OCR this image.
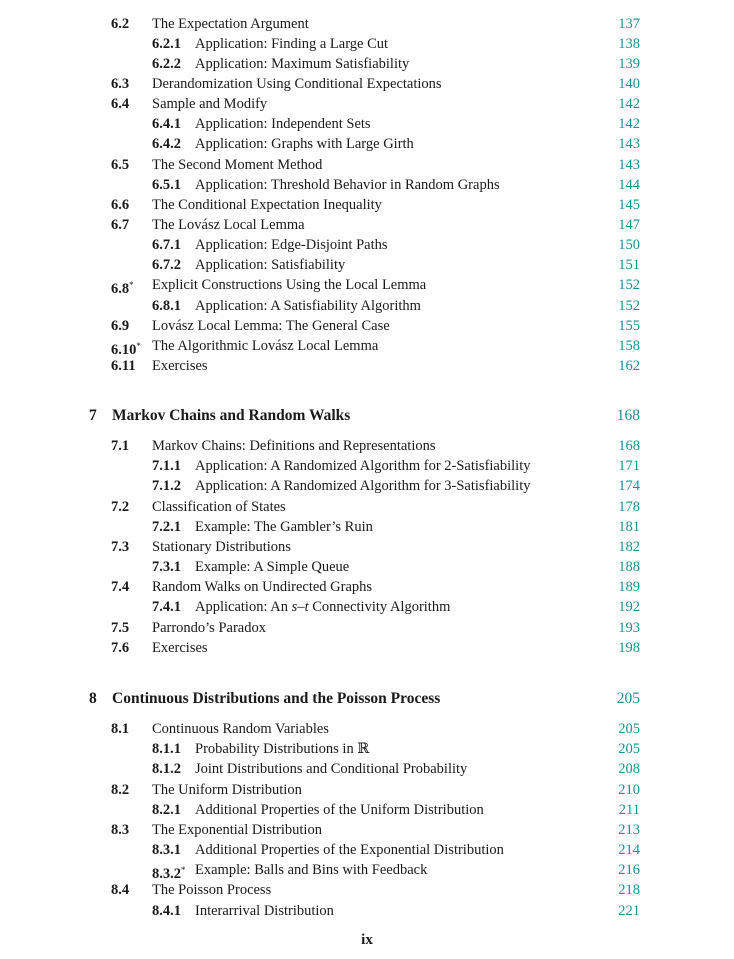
6.2 The Expectation Argument	137
6.2.1 Application: Finding a Large Cut	138
6.2.2 Application: Maximum Satisfiability	139
6.3 Derandomization Using Conditional Expectations	140
6.4 Sample and Modify	142
6.4.1 Application: Independent Sets	142
6.4.2 Application: Graphs with Large Girth	143
6.5 The Second Moment Method	143
6.5.1 Application: Threshold Behavior in Random Graphs	144
6.6 The Conditional Expectation Inequality	145
6.7 The Lovász Local Lemma	147
6.7.1 Application: Edge-Disjoint Paths	150
6.7.2 Application: Satisfiability	151
6.8* Explicit Constructions Using the Local Lemma	152
6.8.1 Application: A Satisfiability Algorithm	152
6.9 Lovász Local Lemma: The General Case	155
6.10* The Algorithmic Lovász Local Lemma	158
6.11 Exercises	162
7 Markov Chains and Random Walks	168
7.1 Markov Chains: Definitions and Representations	168
7.1.1 Application: A Randomized Algorithm for 2-Satisfiability	171
7.1.2 Application: A Randomized Algorithm for 3-Satisfiability	174
7.2 Classification of States	178
7.2.1 Example: The Gambler’s Ruin	181
7.3 Stationary Distributions	182
7.3.1 Example: A Simple Queue	188
7.4 Random Walks on Undirected Graphs	189
7.4.1 Application: An s–t Connectivity Algorithm	192
7.5 Parrondo’s Paradox	193
7.6 Exercises	198
8 Continuous Distributions and the Poisson Process	205
8.1 Continuous Random Variables	205
8.1.1 Probability Distributions in ℝ	205
8.1.2 Joint Distributions and Conditional Probability	208
8.2 The Uniform Distribution	210
8.2.1 Additional Properties of the Uniform Distribution	211
8.3 The Exponential Distribution	213
8.3.1 Additional Properties of the Exponential Distribution	214
8.3.2* Example: Balls and Bins with Feedback	216
8.4 The Poisson Process	218
8.4.1 Interarrival Distribution	221
ix
